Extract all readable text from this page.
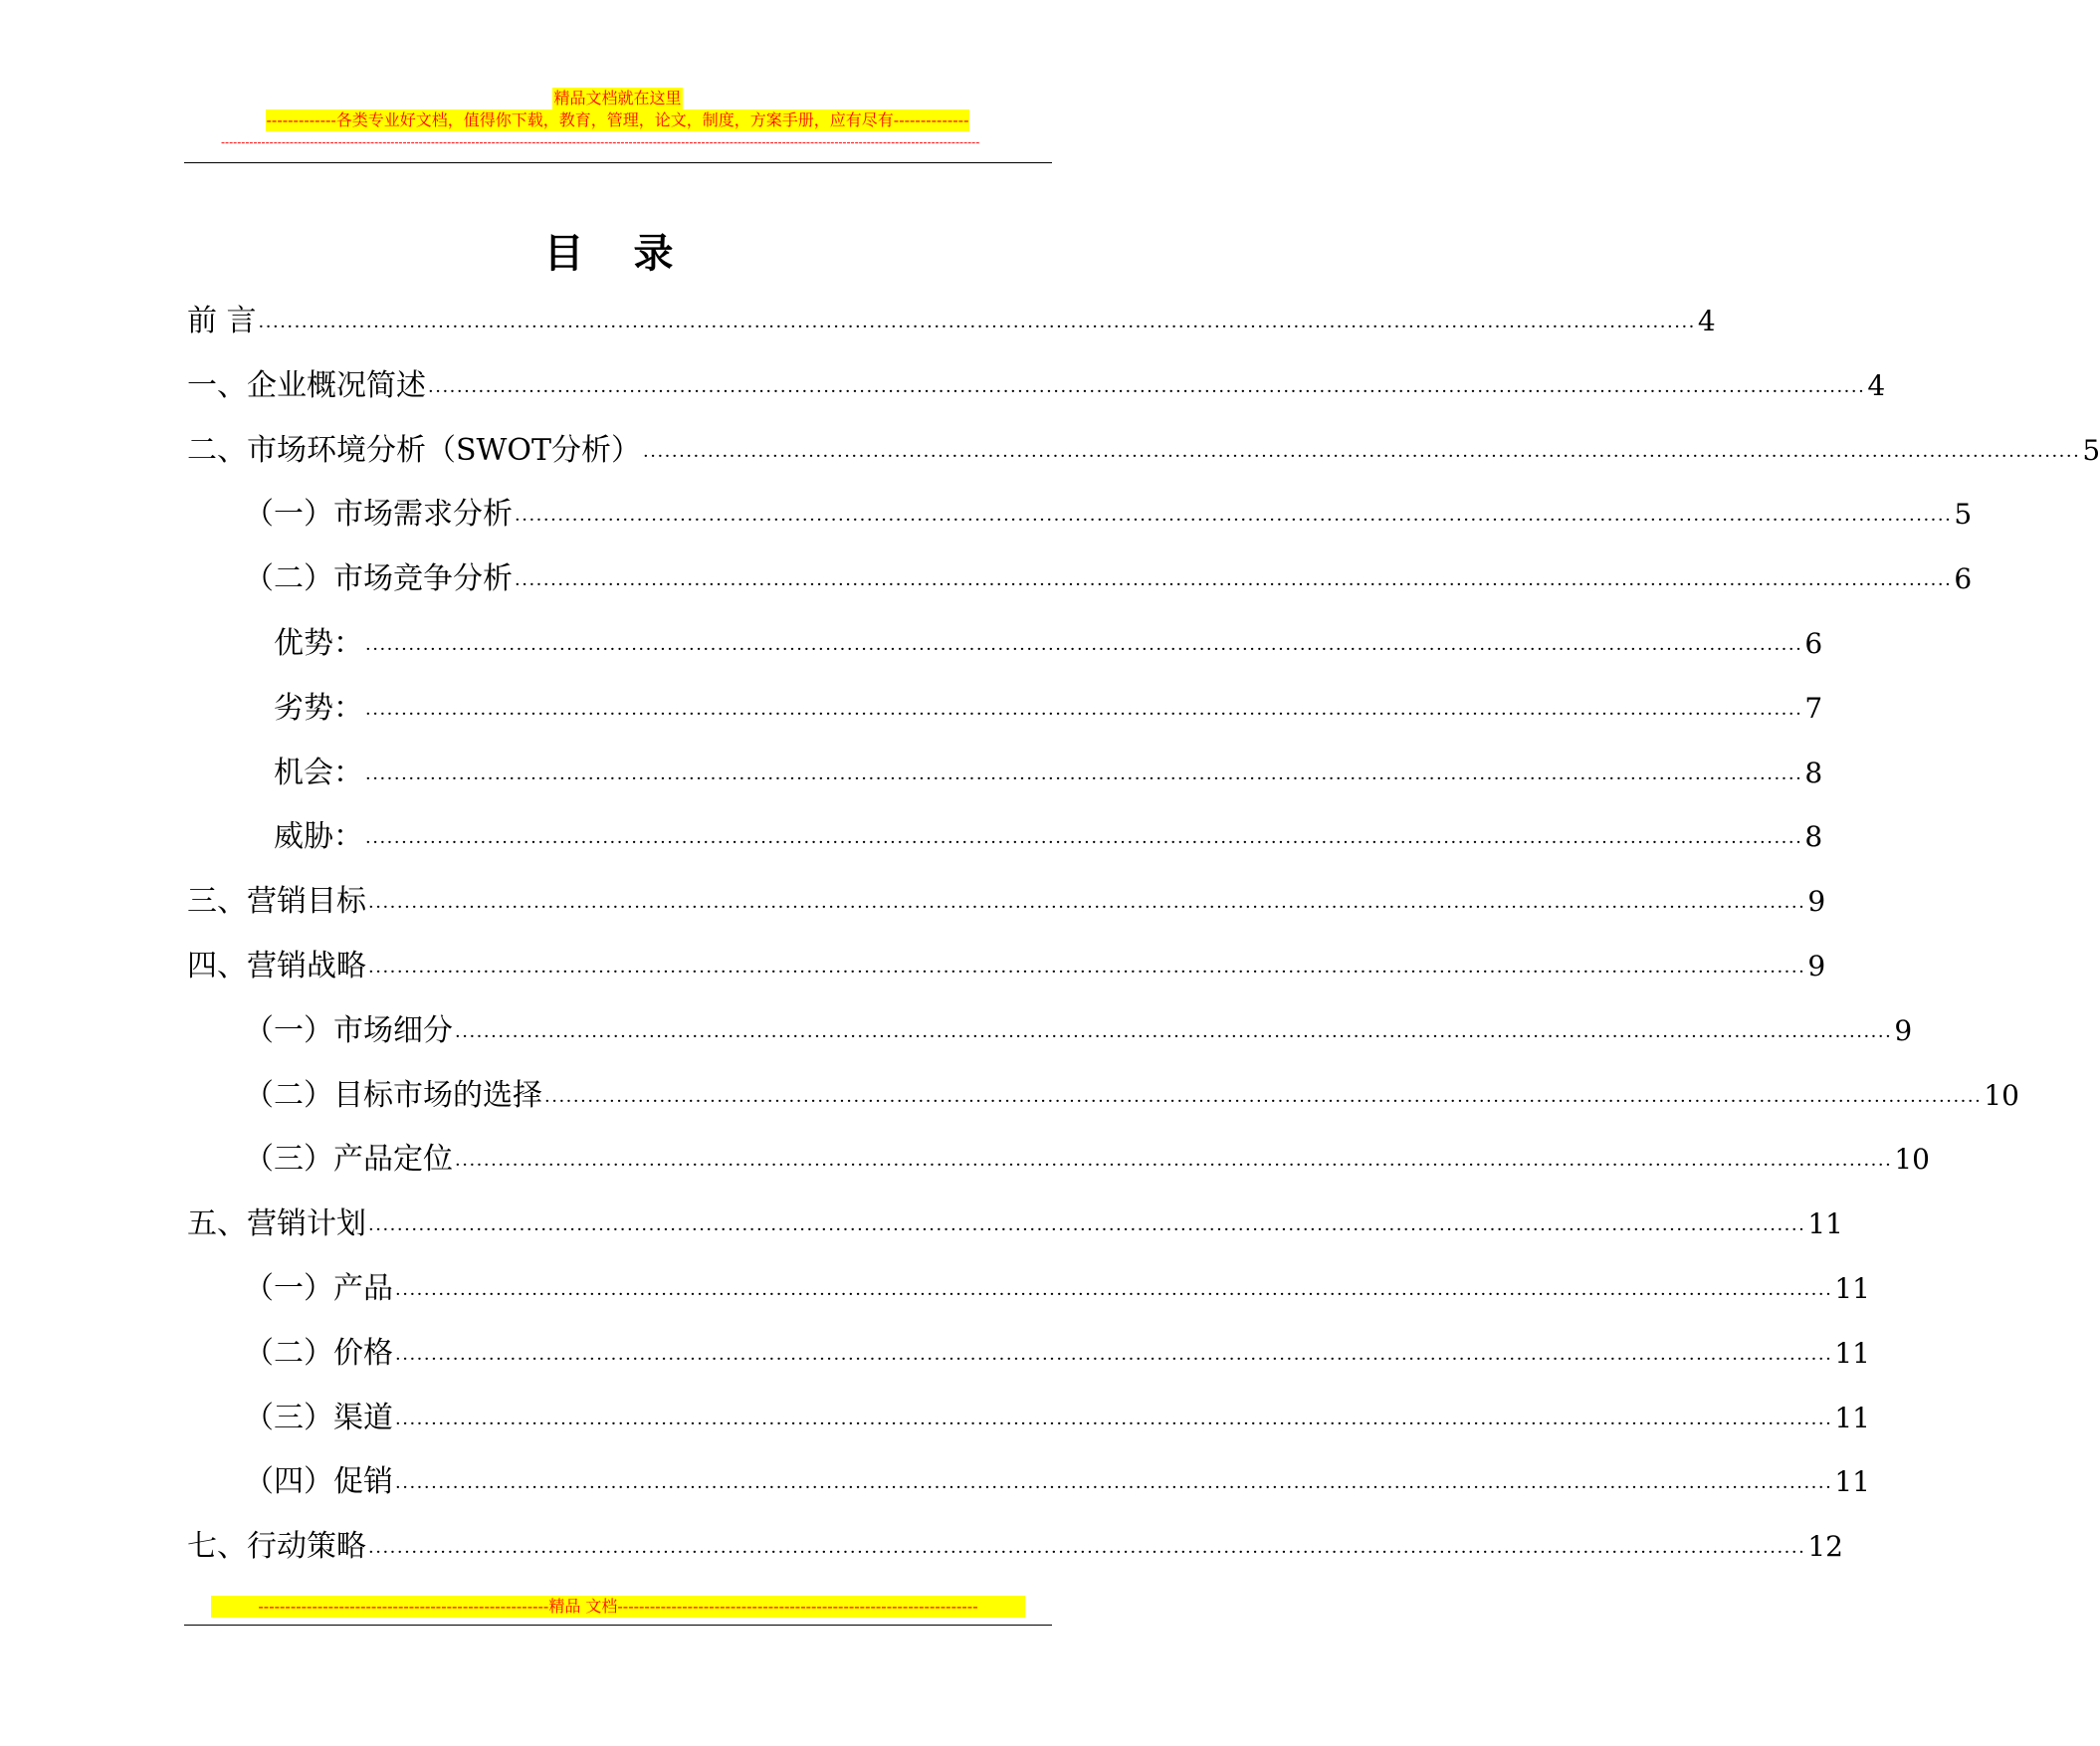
精品文档就在这里
-------------各类专业好文档，值得你下载，教育，管理，论文，制度，方案手册，应有尽有--------------
--------------------------------------------------------------------------------------------------------------------------------------------------------------------------------------------
目 录
前 言 ········································································································································································································ 4
一、企业概况简述 ········································································································································································································ 4
二、市场环境分析（SWOT分析） ········································································································································································································ 5
（一）市场需求分析 ········································································································································································································ 5
（二）市场竞争分析 ········································································································································································································ 6
优势： ········································································································································································································ 6
劣势： ········································································································································································································ 7
机会： ········································································································································································································ 8
威胁： ········································································································································································································ 8
三、营销目标 ········································································································································································································ 9
四、营销战略 ········································································································································································································ 9
（一）市场细分 ········································································································································································································ 9
（二）目标市场的选择 ········································································································································································································ 10
（三）产品定位 ········································································································································································································ 10
五、营销计划 ········································································································································································································ 11
（一）产品 ········································································································································································································ 11
（二）价格 ········································································································································································································ 11
（三）渠道 ········································································································································································································ 11
（四）促销 ········································································································································································································ 11
七、行动策略 ········································································································································································································ 12
------------------------------------------------------精品 文档-------------------------------------------------------------------
